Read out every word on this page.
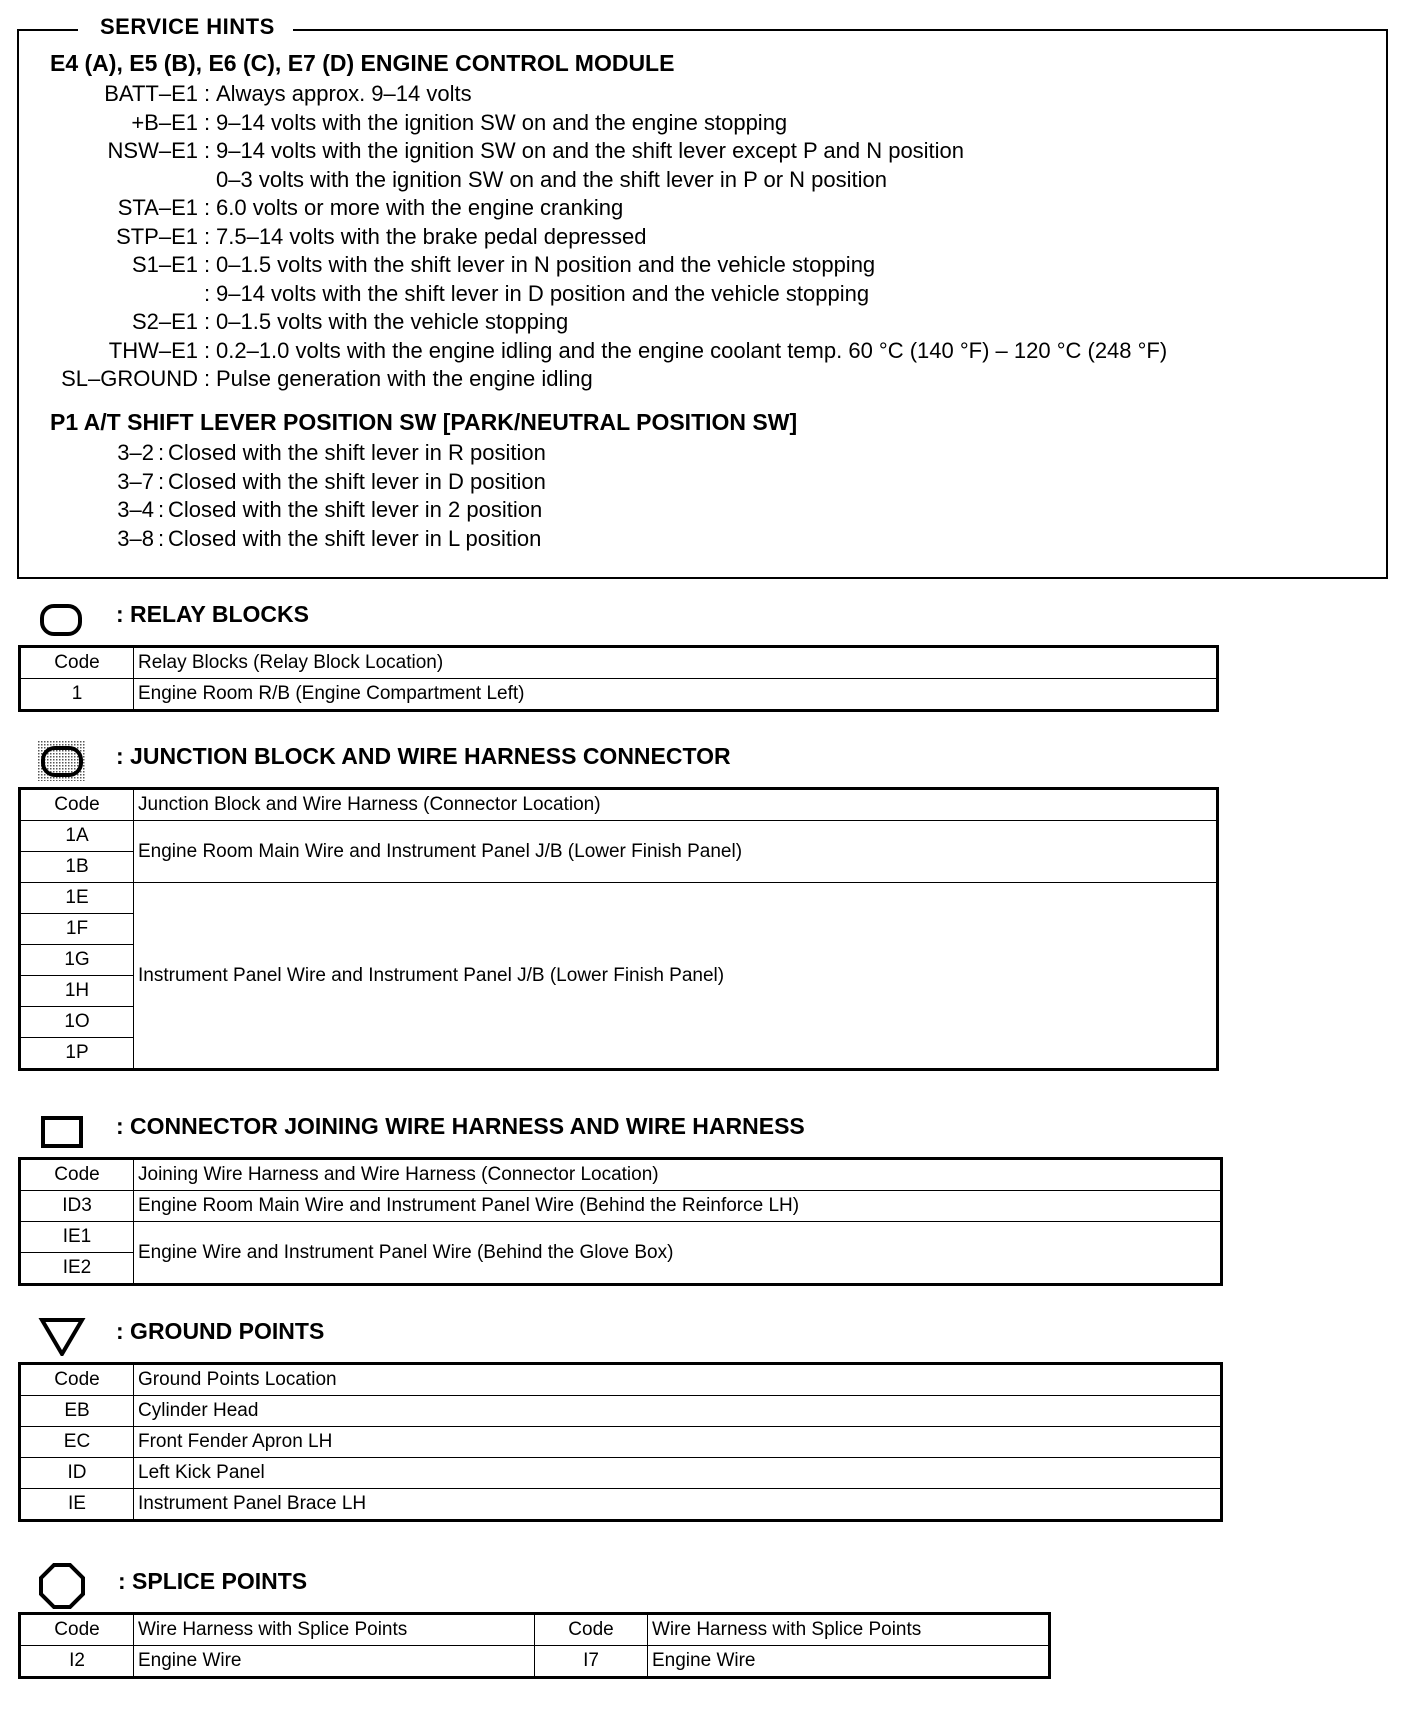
SERVICE HINTS
E4 (A), E5 (B), E6 (C), E7 (D) ENGINE CONTROL MODULE
BATT–E1 : Always approx. 9–14 volts
+B–E1 : 9–14 volts with the ignition SW on and the engine stopping
NSW–E1 : 9–14 volts with the ignition SW on and the shift lever except P and N position
0–3 volts with the ignition SW on and the shift lever in P or N position
STA–E1 : 6.0 volts or more with the engine cranking
STP–E1 : 7.5–14 volts with the brake pedal depressed
S1–E1 : 0–1.5 volts with the shift lever in N position and the vehicle stopping
: 9–14 volts with the shift lever in D position and the vehicle stopping
S2–E1 : 0–1.5 volts with the vehicle stopping
THW–E1 : 0.2–1.0 volts with the engine idling and the engine coolant temp. 60 °C (140 °F) – 120 °C (248 °F)
SL–GROUND : Pulse generation with the engine idling
P1 A/T SHIFT LEVER POSITION SW [PARK/NEUTRAL POSITION SW]
3–2 : Closed with the shift lever in R position
3–7 : Closed with the shift lever in D position
3–4 : Closed with the shift lever in 2 position
3–8 : Closed with the shift lever in L position
: RELAY BLOCKS
Code	Relay Blocks (Relay Block Location)
1	Engine Room R/B (Engine Compartment Left)
: JUNCTION BLOCK AND WIRE HARNESS CONNECTOR
Code	Junction Block and Wire Harness (Connector Location)
1A	Engine Room Main Wire and Instrument Panel J/B (Lower Finish Panel)
1B	
1E	Instrument Panel Wire and Instrument Panel J/B (Lower Finish Panel)
1F	
1G	
1H	
1O	
1P	
: CONNECTOR JOINING WIRE HARNESS AND WIRE HARNESS
Code	Joining Wire Harness and Wire Harness (Connector Location)
ID3	Engine Room Main Wire and Instrument Panel Wire (Behind the Reinforce LH)
IE1	Engine Wire and Instrument Panel Wire (Behind the Glove Box)
IE2	
: GROUND POINTS
Code	Ground Points Location
EB	Cylinder Head
EC	Front Fender Apron LH
ID	Left Kick Panel
IE	Instrument Panel Brace LH
: SPLICE POINTS
Code	Wire Harness with Splice Points	Code	Wire Harness with Splice Points
I2	Engine Wire	I7	Engine Wire
